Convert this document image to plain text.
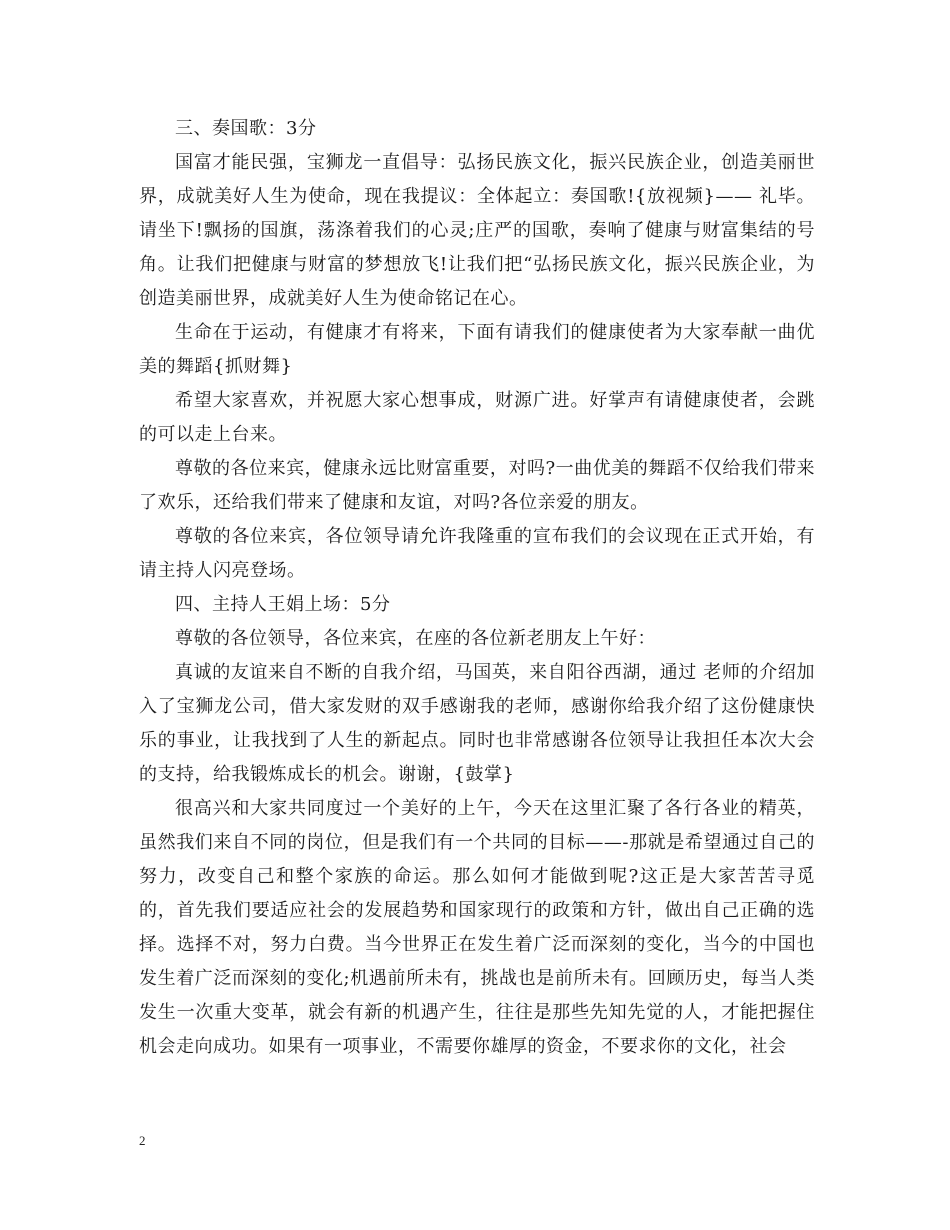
三、奏国歌：3分

国富才能民强，宝狮龙一直倡导：弘扬民族文化，振兴民族企业，创造美丽世界，成就美好人生为使命，现在我提议：全体起立：奏国歌!{放视频}—— 礼毕。请坐下!飘扬的国旗，荡涤着我们的心灵;庄严的国歌，奏响了健康与财富集结的号角。让我们把健康与财富的梦想放飞!让我们把“弘扬民族文化，振兴民族企业，为创造美丽世界，成就美好人生为使命铭记在心。

生命在于运动，有健康才有将来，下面有请我们的健康使者为大家奉献一曲优美的舞蹈{抓财舞}

希望大家喜欢，并祝愿大家心想事成，财源广进。好掌声有请健康使者，会跳的可以走上台来。

尊敬的各位来宾，健康永远比财富重要，对吗?一曲优美的舞蹈不仅给我们带来了欢乐，还给我们带来了健康和友谊，对吗?各位亲爱的朋友。

尊敬的各位来宾，各位领导请允许我隆重的宣布我们的会议现在正式开始，有请主持人闪亮登场。

四、主持人王娟上场：5分

尊敬的各位领导，各位来宾，在座的各位新老朋友上午好：

真诚的友谊来自不断的自我介绍，马国英，来自阳谷西湖，通过 老师的介绍加入了宝狮龙公司，借大家发财的双手感谢我的老师，感谢你给我介绍了这份健康快乐的事业，让我找到了人生的新起点。同时也非常感谢各位领导让我担任本次大会的支持，给我锻炼成长的机会。谢谢，{鼓掌}

很高兴和大家共同度过一个美好的上午，今天在这里汇聚了各行各业的精英，虽然我们来自不同的岗位，但是我们有一个共同的目标——-那就是希望通过自己的努力，改变自己和整个家族的命运。那么如何才能做到呢?这正是大家苦苦寻觅的，首先我们要适应社会的发展趋势和国家现行的政策和方针，做出自己正确的选择。选择不对，努力白费。当今世界正在发生着广泛而深刻的变化，当今的中国也发生着广泛而深刻的变化;机遇前所未有，挑战也是前所未有。回顾历史，每当人类发生一次重大变革，就会有新的机遇产生，往往是那些先知先觉的人，才能把握住机会走向成功。如果有一项事业，不需要你雄厚的资金，不要求你的文化，社会

2
